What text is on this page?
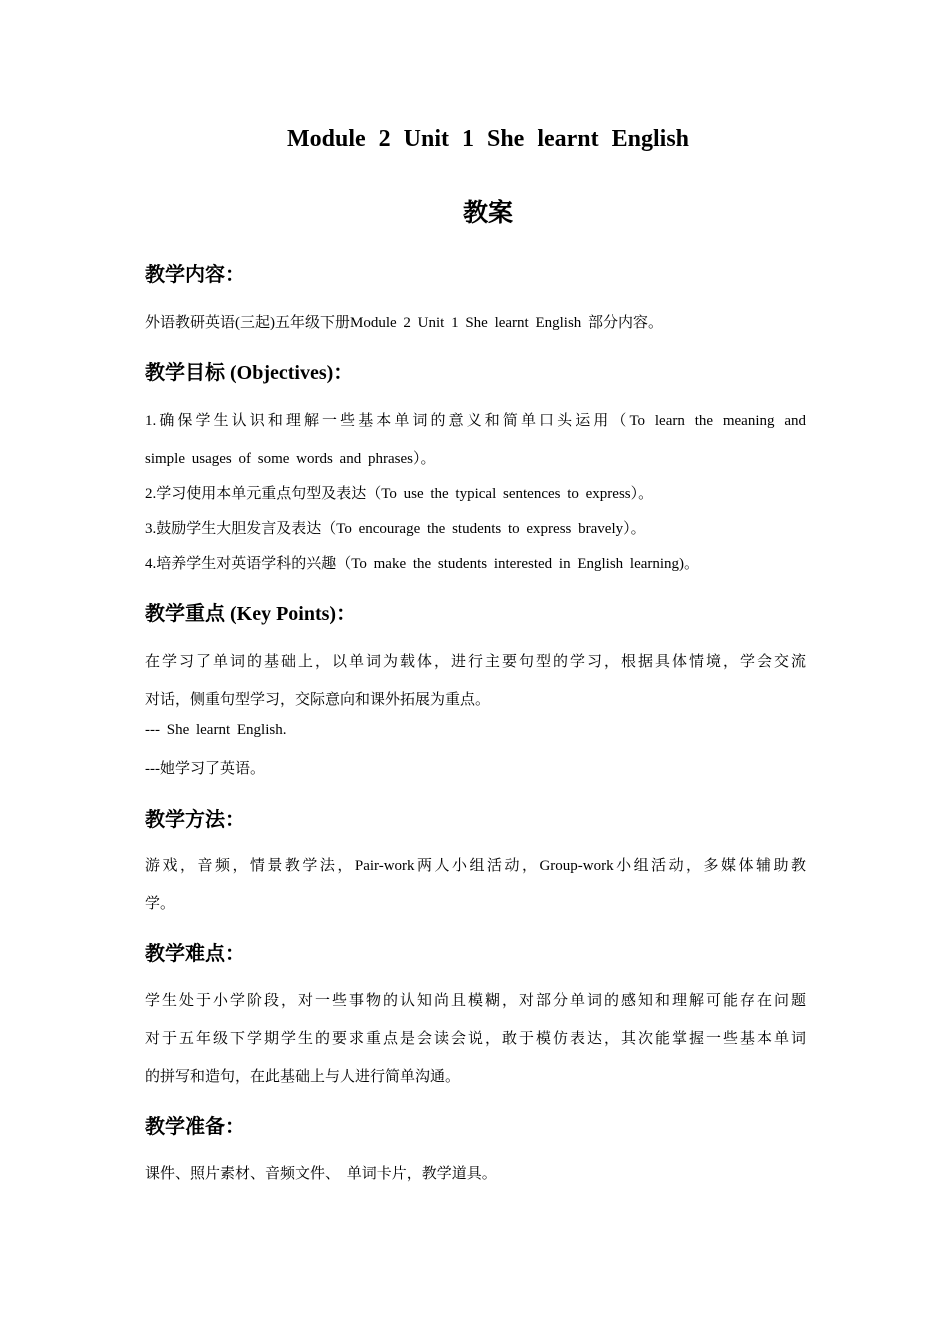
Module 2 Unit 1 She learnt English
教案
教学内容：
外语教研英语(三起)五年级下册Module 2 Unit 1 She learnt English 部分内容。
教学目标 (Objectives)：
1.确保学生认识和理解一些基本单词的意义和简单口头运用（To learn the meaning and
simple usages of some words and phrases）。
2.学习使用本单元重点句型及表达（To use the typical sentences to express）。
3.鼓励学生大胆发言及表达（To encourage the students to express bravely）。
4.培养学生对英语学科的兴趣（To make the students interested in English learning)。
教学重点 (Key Points)：
在学习了单词的基础上，以单词为载体，进行主要句型的学习，根据具体情境，学会交流
对话，侧重句型学习，交际意向和课外拓展为重点。
--- She learnt English.
---她学习了英语。
教学方法：
游戏，音频，情景教学法，Pair-work两人小组活动，Group-work小组活动，多媒体辅助教
学。
教学难点：
学生处于小学阶段，对一些事物的认知尚且模糊，对部分单词的感知和理解可能存在问题
对于五年级下学期学生的要求重点是会读会说，敢于模仿表达，其次能掌握一些基本单词
的拼写和造句，在此基础上与人进行简单沟通。
教学准备：
课件、照片素材、音频文件、 单词卡片，教学道具。
